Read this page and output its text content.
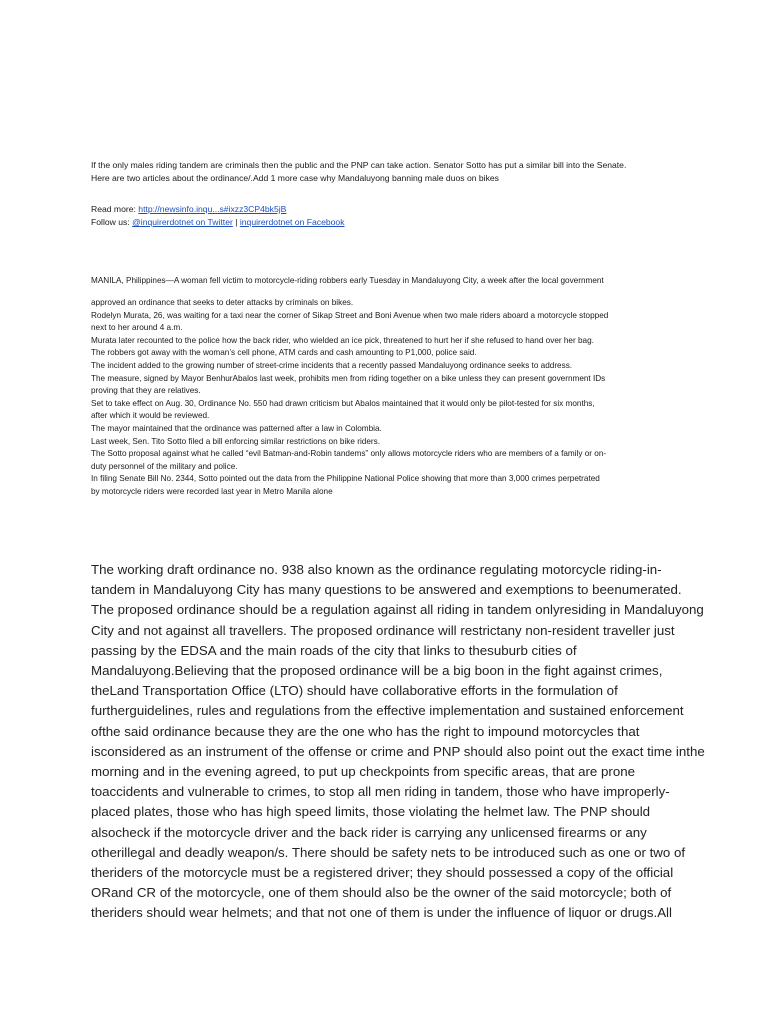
If the only males riding tandem are criminals then the public and the PNP can take action. Senator Sotto has put a similar bill into the Senate.

Here are two articles about the ordinance/.Add 1 more case why Mandaluyong banning male duos on bikes

Read more: http://newsinfo.inqu...s#ixzz3CP4bk5jB

Follow us: @inquirerdotnet on Twitter | inquirerdotnet on Facebook

MANILA, Philippines—A woman fell victim to motorcycle-riding robbers early Tuesday in Mandaluyong City, a week after the local government

approved an ordinance that seeks to deter attacks by criminals on bikes.

Rodelyn Murata, 26, was waiting for a taxi near the corner of Sikap Street and Boni Avenue when two male riders aboard a motorcycle stopped

next to her around 4 a.m.

Murata later recounted to the police how the back rider, who wielded an ice pick, threatened to hurt her if she refused to hand over her bag.

The robbers got away with the woman’s cell phone, ATM cards and cash amounting to P1,000, police said.

The incident added to the growing number of street-crime incidents that a recently passed Mandaluyong ordinance seeks to address.

The measure, signed by Mayor BenhurAbalos last week, prohibits men from riding together on a bike unless they can present government IDs

proving that they are relatives.

Set to take effect on Aug. 30, Ordinance No. 550 had drawn criticism but Abalos maintained that it would only be pilot-tested for six months,

after which it would be reviewed.

The mayor maintained that the ordinance was patterned after a law in Colombia.

Last week, Sen. Tito Sotto filed a bill enforcing similar restrictions on bike riders.

The Sotto proposal against what he called “evil Batman-and-Robin tandems” only allows motorcycle riders who are members of a family or on-

duty personnel of the military and police.

In filing Senate Bill No. 2344, Sotto pointed out the data from the Philippine National Police showing that more than 3,000 crimes perpetrated

by motorcycle riders were recorded last year in Metro Manila alone

The working draft ordinance no. 938 also known as the ordinance regulating motorcycle riding-in-

tandem in Mandaluyong City has many questions to be answered and exemptions to beenumerated.

The proposed ordinance should be a regulation against all riding in tandem onlyresiding in Mandaluyong

City and not against all travellers. The proposed ordinance will restrictany non-resident traveller just

passing by the EDSA and the main roads of the city that links to thesuburb cities of

Mandaluyong.Believing that the proposed ordinance will be a big boon in the fight against crimes,

theLand Transportation Office (LTO) should have collaborative efforts in the formulation of

furtherguidelines, rules and regulations from the effective implementation and sustained enforcement

ofthe said ordinance because they are the one who has the right to impound motorcycles that

isconsidered as an instrument of the offense or crime and PNP should also point out the exact time inthe

morning and in the evening agreed, to put up checkpoints from specific areas, that are prone

toaccidents and vulnerable to crimes, to stop all men riding in tandem, those who have improperly-

placed plates, those who has high speed limits, those violating the helmet law. The PNP should

alsocheck if the motorcycle driver and the back rider is carrying any unlicensed firearms or any

otherillegal and deadly weapon/s. There should be safety nets to be introduced such as one or two of

theriders of the motorcycle must be a registered driver; they should possessed a copy of the official

ORand CR of the motorcycle, one of them should also be the owner of the said motorcycle; both of

theriders should wear helmets; and that not one of them is under the influence of liquor or drugs.All
